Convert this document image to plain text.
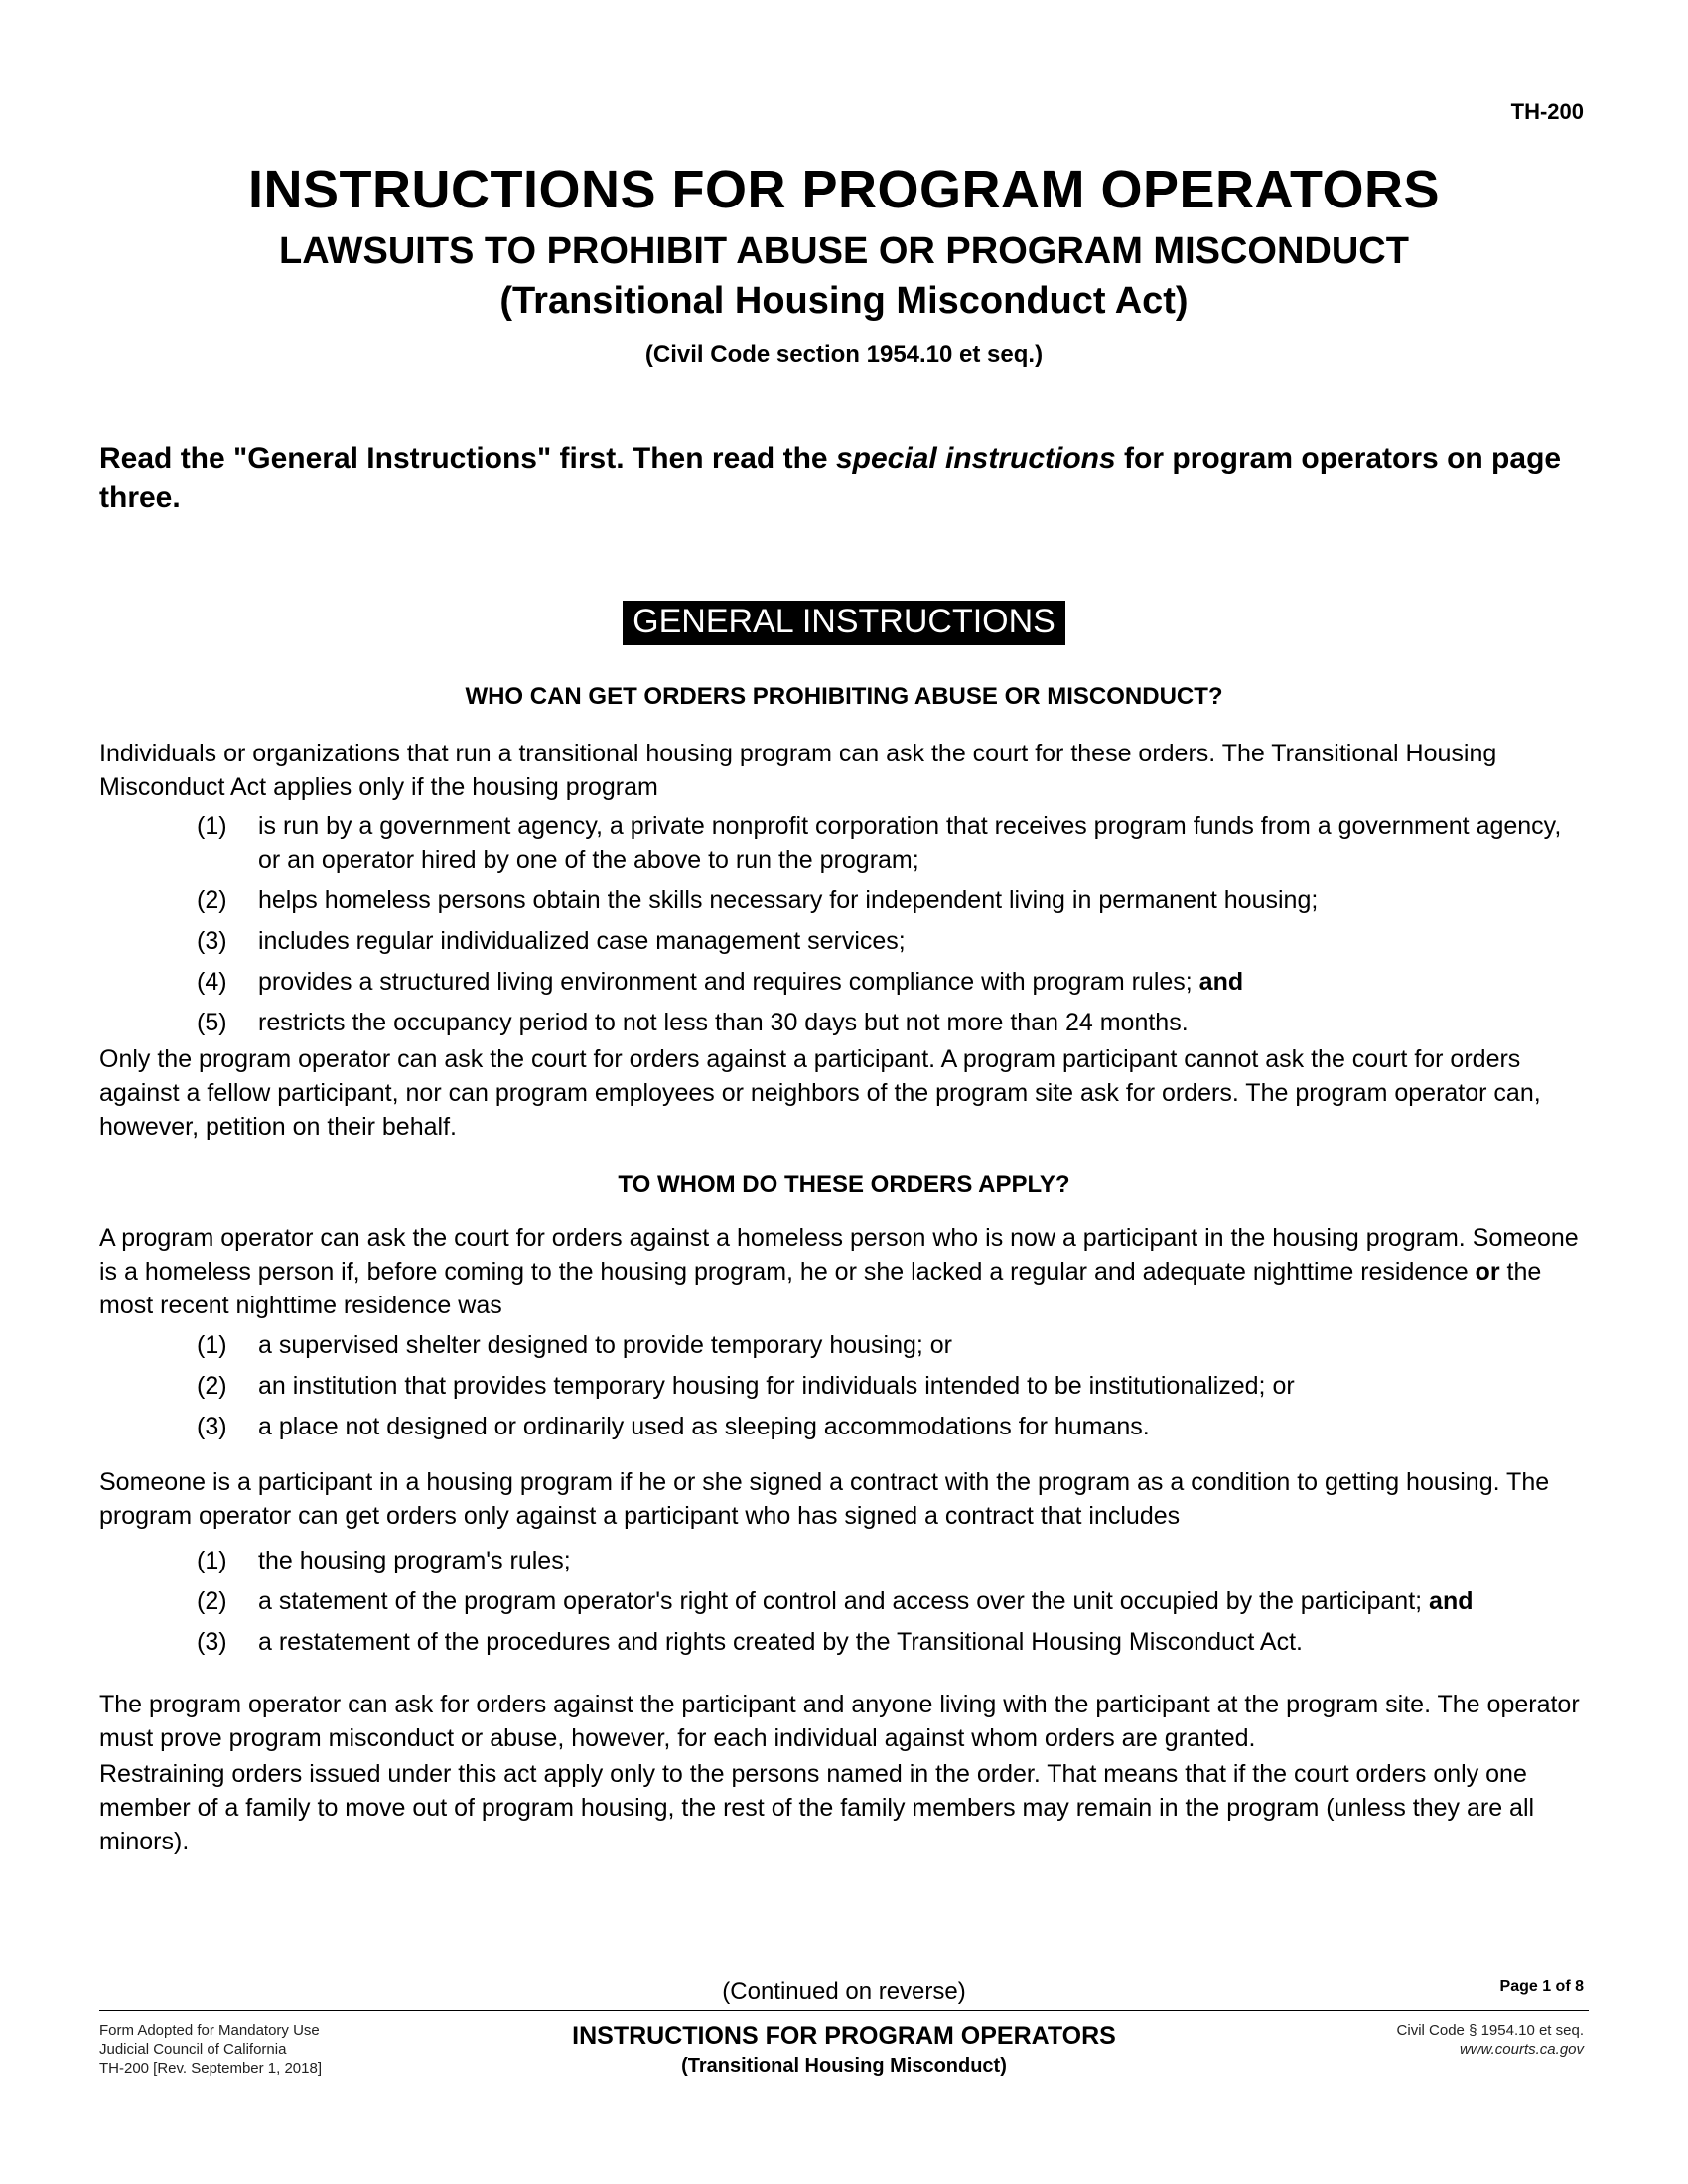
TH-200
INSTRUCTIONS FOR PROGRAM OPERATORS
LAWSUITS TO PROHIBIT ABUSE OR PROGRAM MISCONDUCT
(Transitional Housing Misconduct Act)
(Civil Code section 1954.10 et seq.)
Read the "General Instructions" first. Then read the special instructions for program operators on page three.
GENERAL INSTRUCTIONS
WHO CAN GET ORDERS PROHIBITING ABUSE OR MISCONDUCT?
Individuals or organizations that run a transitional housing program can ask the court for these orders. The Transitional Housing Misconduct Act applies only if the housing program
(1) is run by a government agency, a private nonprofit corporation that receives program funds from a government agency, or an operator hired by one of the above to run the program;
(2) helps homeless persons obtain the skills necessary for independent living in permanent housing;
(3) includes regular individualized case management services;
(4) provides a structured living environment and requires compliance with program rules; and
(5) restricts the occupancy period to not less than 30 days but not more than 24 months.
Only the program operator can ask the court for orders against a participant. A program participant cannot ask the court for orders against a fellow participant, nor can program employees or neighbors of the program site ask for orders. The program operator can, however, petition on their behalf.
TO WHOM DO THESE ORDERS APPLY?
A program operator can ask the court for orders against a homeless person who is now a participant in the housing program. Someone is a homeless person if, before coming to the housing program, he or she lacked a regular and adequate nighttime residence or the most recent nighttime residence was
(1) a supervised shelter designed to provide temporary housing; or
(2) an institution that provides temporary housing for individuals intended to be institutionalized; or
(3) a place not designed or ordinarily used as sleeping accommodations for humans.
Someone is a participant in a housing program if he or she signed a contract with the program as a condition to getting housing. The program operator can get orders only against a participant who has signed a contract that includes
(1) the housing program's rules;
(2) a statement of the program operator's right of control and access over the unit occupied by the participant; and
(3) a restatement of the procedures and rights created by the Transitional Housing Misconduct Act.
The program operator can ask for orders against the participant and anyone living with the participant at the program site. The operator must prove program misconduct or abuse, however, for each individual against whom orders are granted.
Restraining orders issued under this act apply only to the persons named in the order. That means that if the court orders only one member of a family to move out of program housing, the rest of the family members may remain in the program (unless they are all minors).
(Continued on reverse)	Page 1 of 8
Form Adopted for Mandatory Use
Judicial Council of California
TH-200 [Rev. September 1, 2018]
INSTRUCTIONS FOR PROGRAM OPERATORS
(Transitional Housing Misconduct)
Civil Code § 1954.10 et seq.
www.courts.ca.gov
